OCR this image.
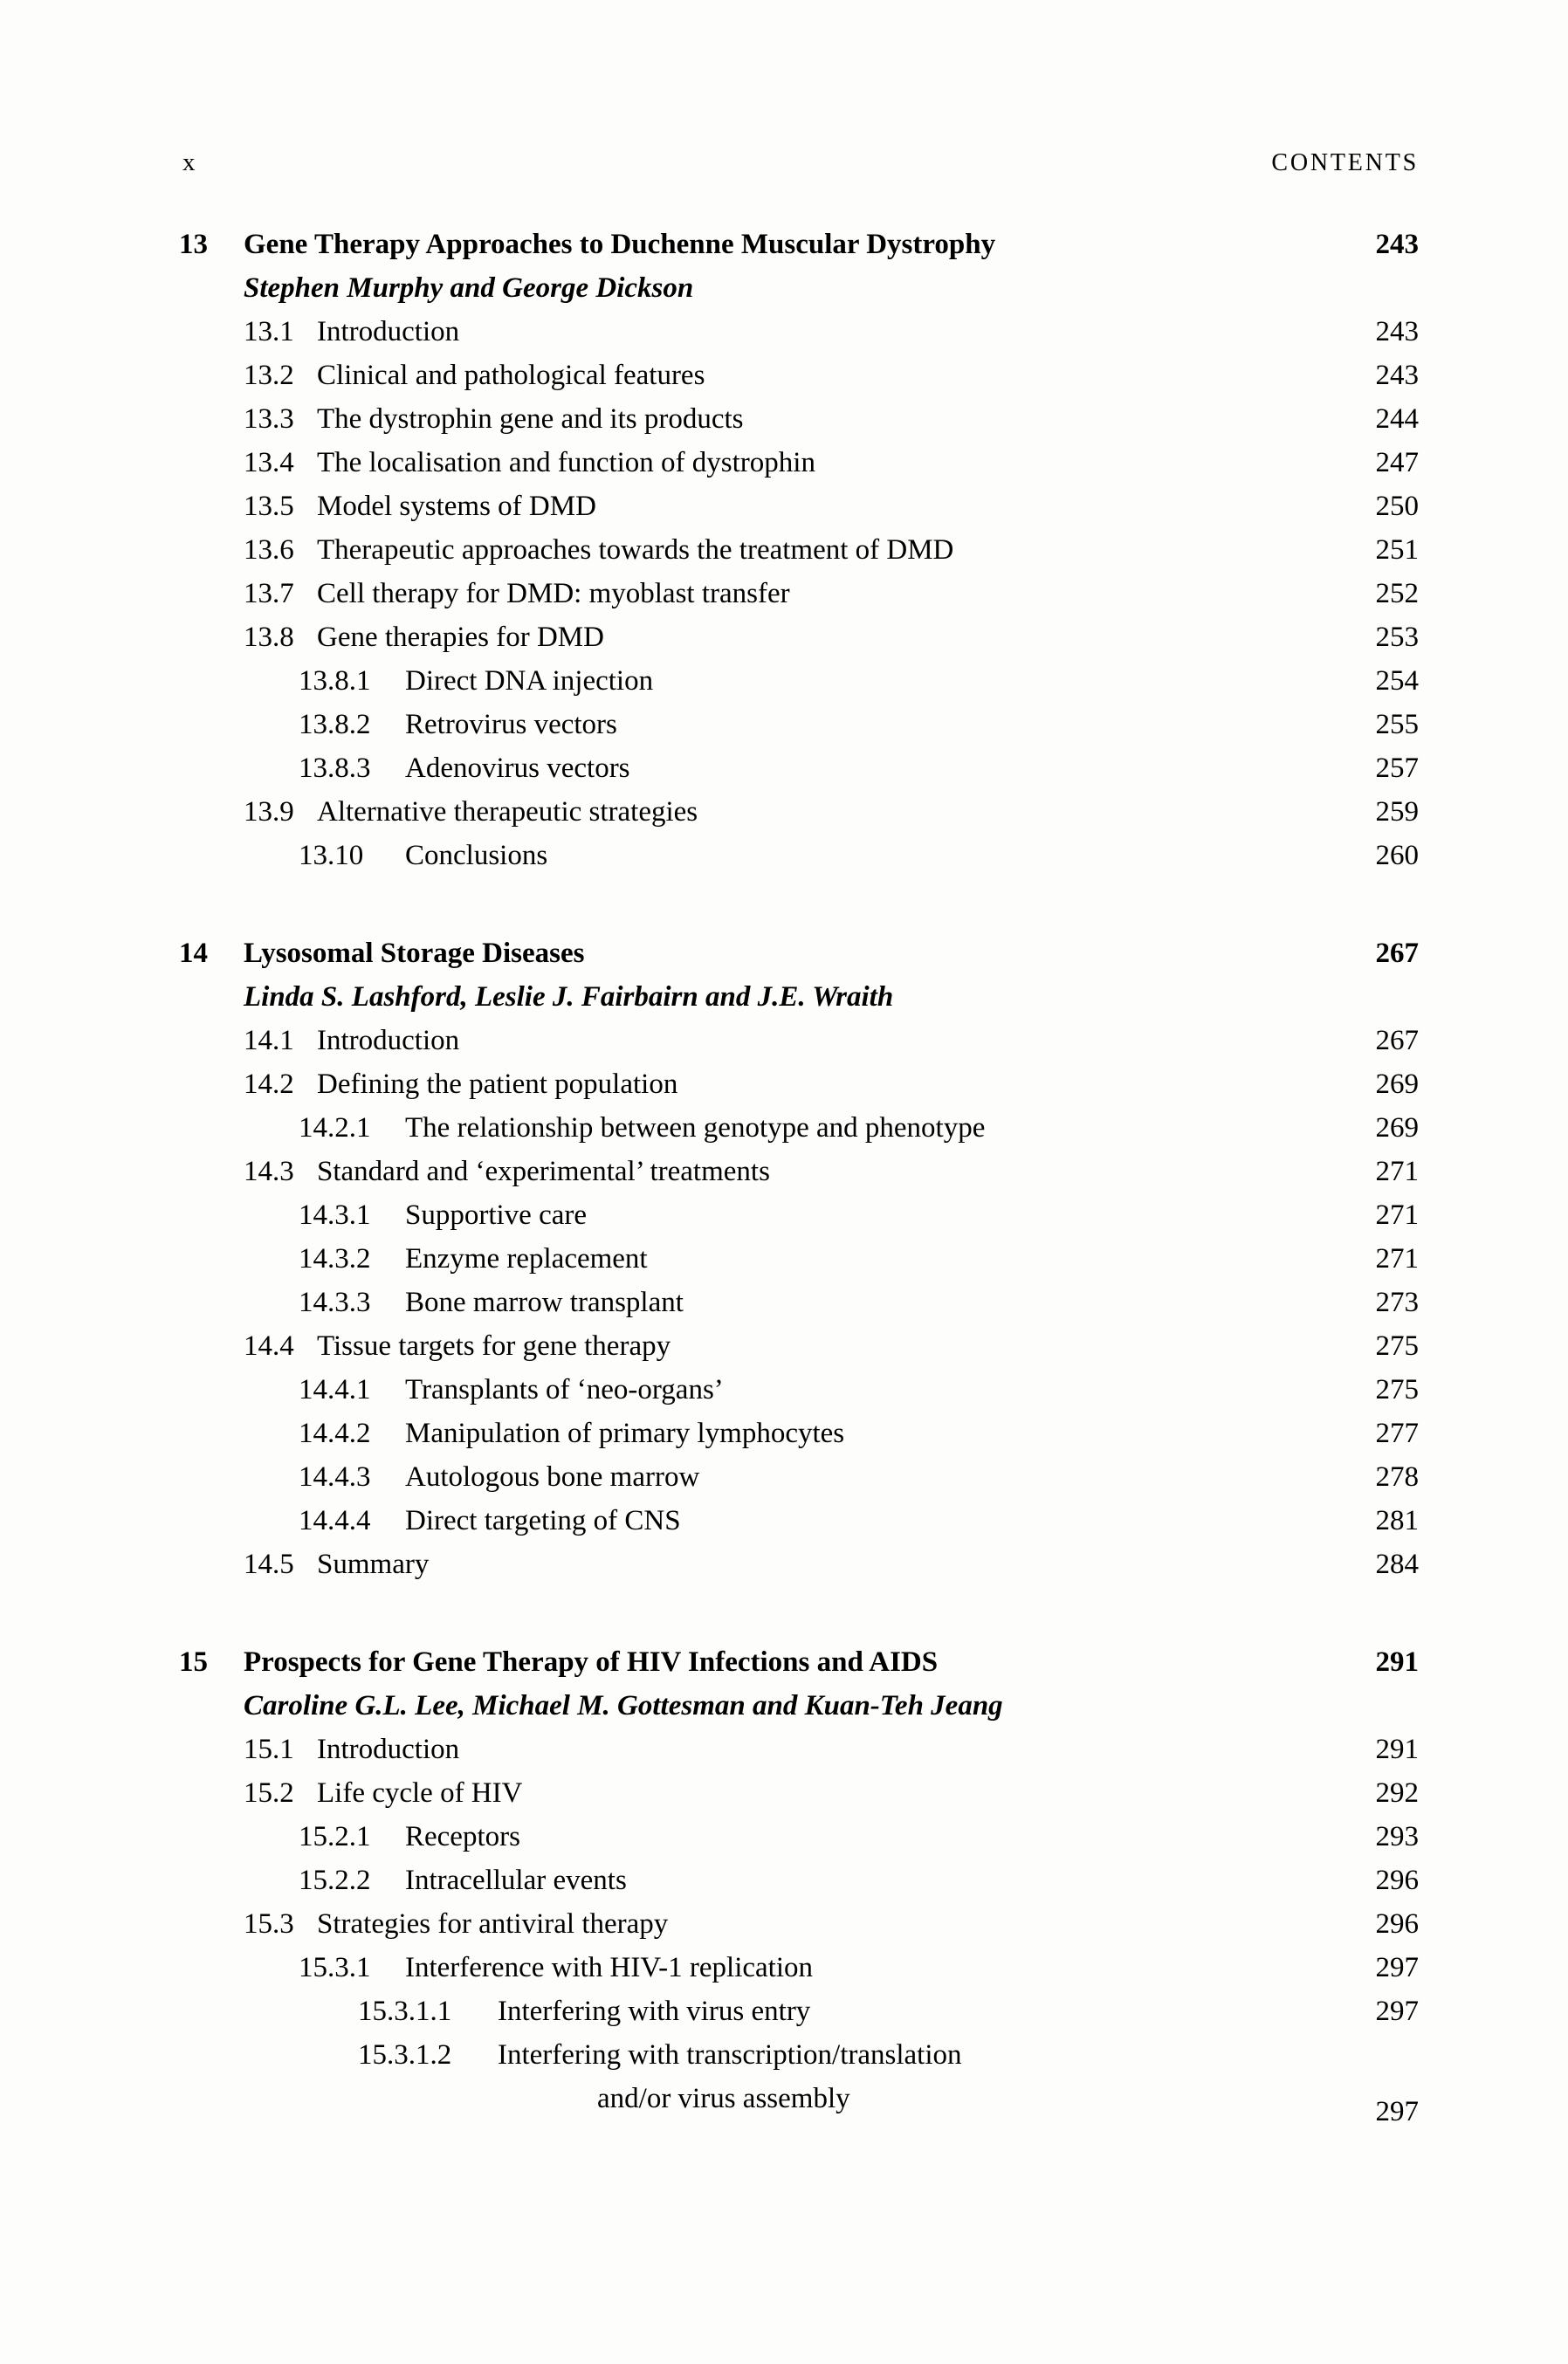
x	CONTENTS
13	Gene Therapy Approaches to Duchenne Muscular Dystrophy	243
Stephen Murphy and George Dickson
13.1 Introduction	243
13.2 Clinical and pathological features	243
13.3 The dystrophin gene and its products	244
13.4 The localisation and function of dystrophin	247
13.5 Model systems of DMD	250
13.6 Therapeutic approaches towards the treatment of DMD	251
13.7 Cell therapy for DMD: myoblast transfer	252
13.8 Gene therapies for DMD	253
13.8.1	Direct DNA injection	254
13.8.2	Retrovirus vectors	255
13.8.3	Adenovirus vectors	257
13.9 Alternative therapeutic strategies	259
13.10	Conclusions	260
14	Lysosomal Storage Diseases	267
Linda S. Lashford, Leslie J. Fairbairn and J.E. Wraith
14.1 Introduction	267
14.2 Defining the patient population	269
14.2.1	The relationship between genotype and phenotype	269
14.3 Standard and ‘experimental’ treatments	271
14.3.1	Supportive care	271
14.3.2	Enzyme replacement	271
14.3.3	Bone marrow transplant	273
14.4 Tissue targets for gene therapy	275
14.4.1	Transplants of ‘neo-organs’	275
14.4.2	Manipulation of primary lymphocytes	277
14.4.3	Autologous bone marrow	278
14.4.4	Direct targeting of CNS	281
14.5 Summary	284
15	Prospects for Gene Therapy of HIV Infections and AIDS	291
Caroline G.L. Lee, Michael M. Gottesman and Kuan-Teh Jeang
15.1 Introduction	291
15.2 Life cycle of HIV	292
15.2.1	Receptors	293
15.2.2	Intracellular events	296
15.3 Strategies for antiviral therapy	296
15.3.1	Interference with HIV-1 replication	297
15.3.1.1	Interfering with virus entry	297
15.3.1.2	Interfering with transcription/translation
and/or virus assembly	297
